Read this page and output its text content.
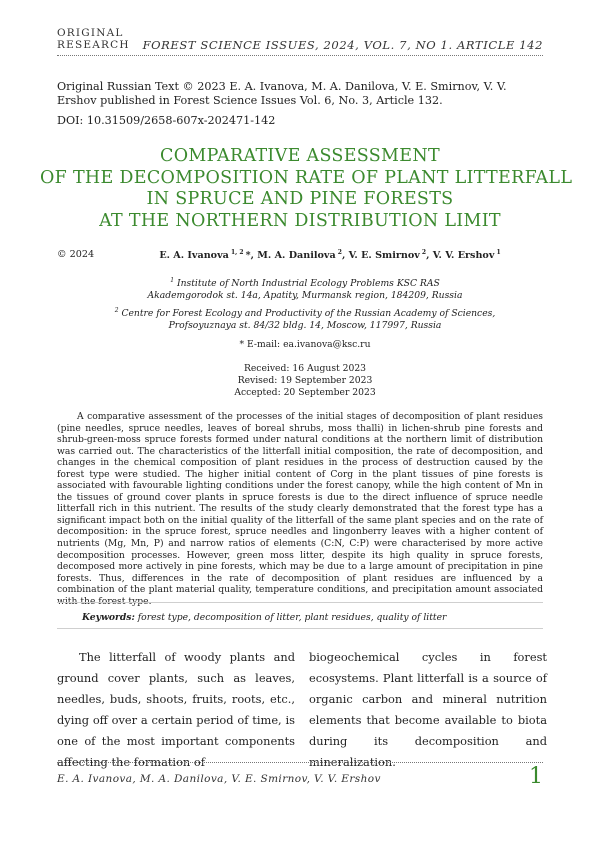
ORIGINAL
RESEARCH FOREST SCIENCE ISSUES, 2024, VOL. 7, NO 1. ARTICLE 142
Original Russian Text © 2023 E. A. Ivanova, M. A. Danilova, V. E. Smirnov, V. V. Ershov published in Forest Science Issues Vol. 6, No. 3, Article 132.
DOI: 10.31509/2658-607x-202471-142
COMPARATIVE ASSESSMENT
OF THE DECOMPOSITION RATE OF PLANT LITTERFALL
IN SPRUCE AND PINE FORESTS
AT THE NORTHERN DISTRIBUTION LIMIT
© 2024	E. A. Ivanova $^{1, 2}$ *, M. A. Danilova $^2$, V. E. Smirnov $^2$, V. V. Ershov $^1$
$^1$ Institute of North Industrial Ecology Problems KSC RAS
Akademgorodok st. 14a, Apatity, Murmansk region, 184209, Russia
$^2$ Centre for Forest Ecology and Productivity of the Russian Academy of Sciences,
Profsoyuznaya st. 84/32 bldg. 14, Moscow, 117997, Russia
* E-mail: ea.ivanova@ksc.ru
Received: 16 August 2023
Revised: 19 September 2023
Accepted: 20 September 2023
A comparative assessment of the processes of the initial stages of decomposition of plant residues (pine needles, spruce needles, leaves of boreal shrubs, moss thalli) in lichen-shrub pine forests and shrub-green-moss spruce forests formed under natural conditions at the northern limit of distribution was carried out. The characteristics of the litterfall initial composition, the rate of decomposition, and changes in the chemical composition of plant residues in the process of destruction caused by the forest type were studied. The higher initial content of Corg in the plant tissues of pine forests is associated with favourable lighting conditions under the forest canopy, while the high content of Mn in the tissues of ground cover plants in spruce forests is due to the direct influence of spruce needle litterfall rich in this nutrient. The results of the study clearly demonstrated that the forest type has a significant impact both on the initial quality of the litterfall of the same plant species and on the rate of decomposition: in the spruce forest, spruce needles and lingonberry leaves with a higher content of nutrients (Mg, Mn, P) and narrow ratios of elements (C:N, C:P) were characterised by more active decomposition processes. However, green moss litter, despite its high quality in spruce forests, decomposed more actively in pine forests, which may be due to a large amount of precipitation in pine forests. Thus, differences in the rate of decomposition of plant residues are influenced by a combination of the plant material quality, temperature conditions, and precipitation amount associated with the forest type.
Keywords: forest type, decomposition of litter, plant residues, quality of litter
The litterfall of woody plants and ground cover plants, such as leaves, needles, buds, shoots, fruits, roots, etc., dying off over a certain period of time, is one of the most important components affecting the formation of
biogeochemical cycles in forest ecosystems. Plant litterfall is a source of organic carbon and mineral nutrition elements that become available to biota during its decomposition and mineralization.
E. A. Ivanova, M. A. Danilova, V. E. Smirnov, V. V. Ershov	1
